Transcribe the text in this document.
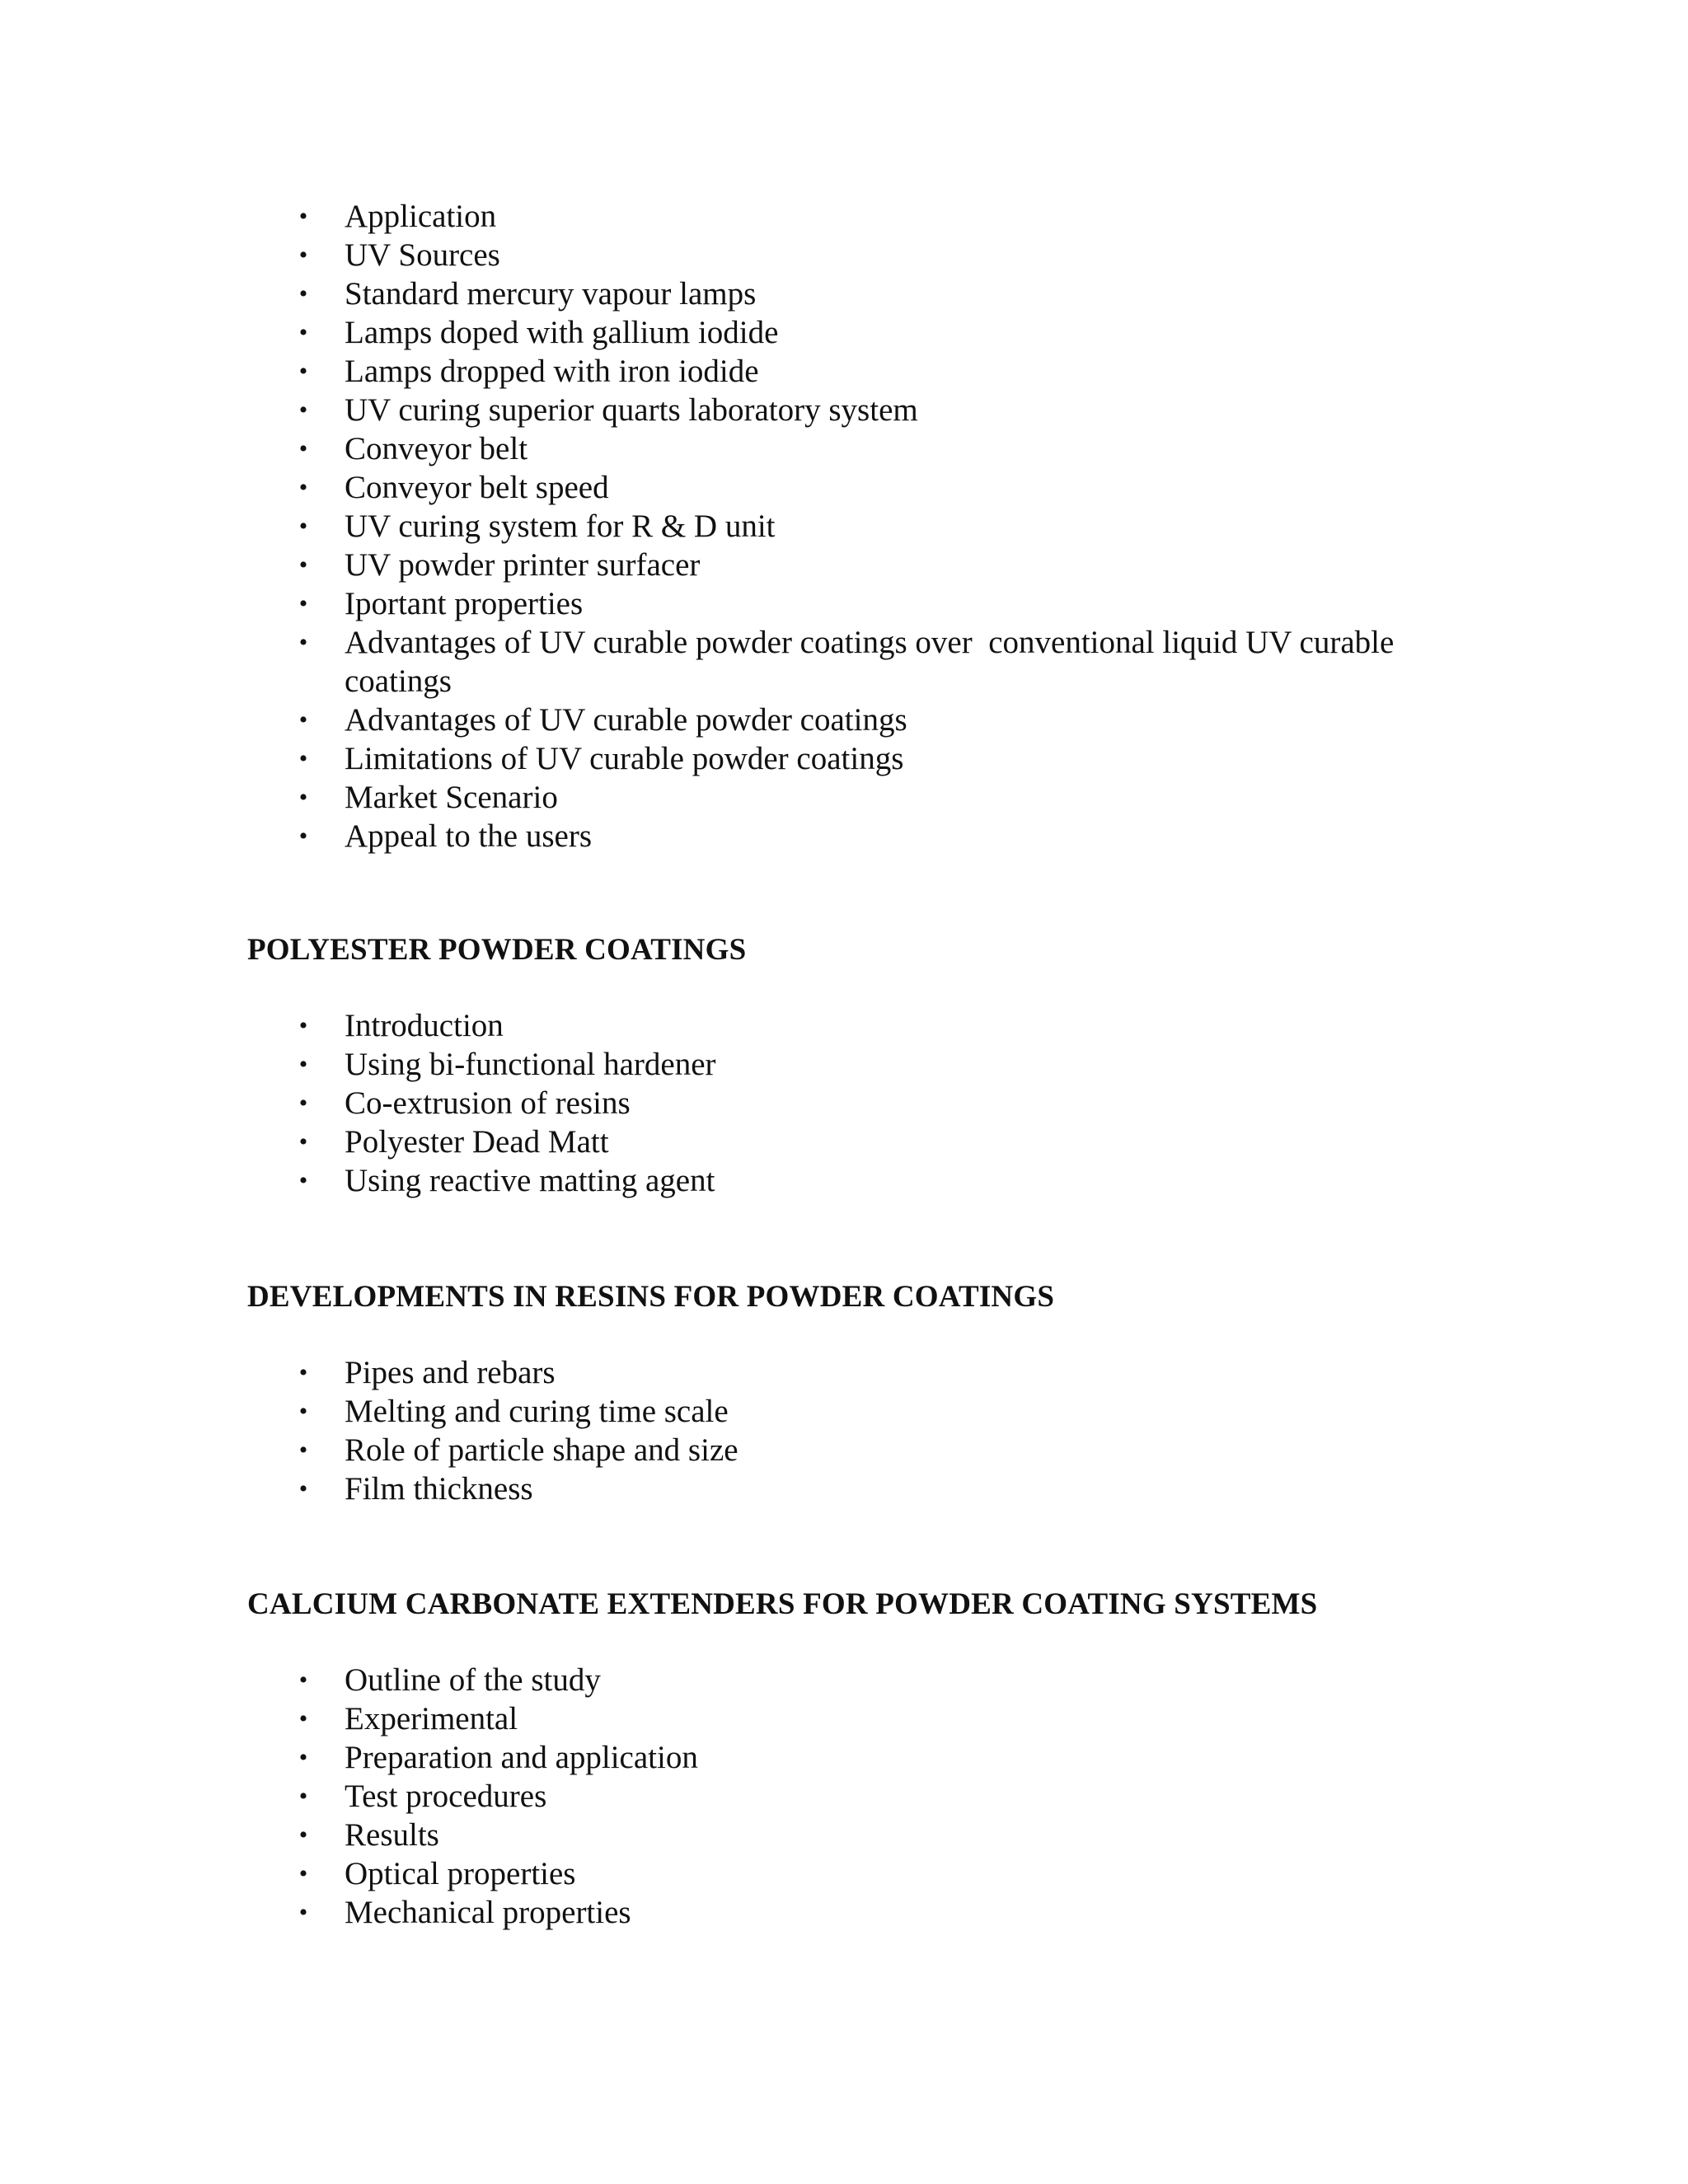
• Application
• UV Sources
• Standard mercury vapour lamps
• Lamps doped with gallium iodide
• Lamps dropped with iron iodide
• UV curing superior quarts laboratory system
• Conveyor belt
• Conveyor belt speed
• UV curing system for R & D unit
• UV powder printer surfacer
• Iportant properties
• Advantages of UV curable powder coatings over  conventional liquid UV curable coatings
• Advantages of UV curable powder coatings
• Limitations of UV curable powder coatings
• Market Scenario
• Appeal to the users
POLYESTER POWDER COATINGS
• Introduction
• Using bi-functional hardener
• Co-extrusion of resins
• Polyester Dead Matt
• Using reactive matting agent
DEVELOPMENTS IN RESINS FOR POWDER COATINGS
• Pipes and rebars
• Melting and curing time scale
• Role of particle shape and size
• Film thickness
CALCIUM CARBONATE EXTENDERS FOR POWDER COATING SYSTEMS
• Outline of the study
• Experimental
• Preparation and application
• Test procedures
• Results
• Optical properties
• Mechanical properties
